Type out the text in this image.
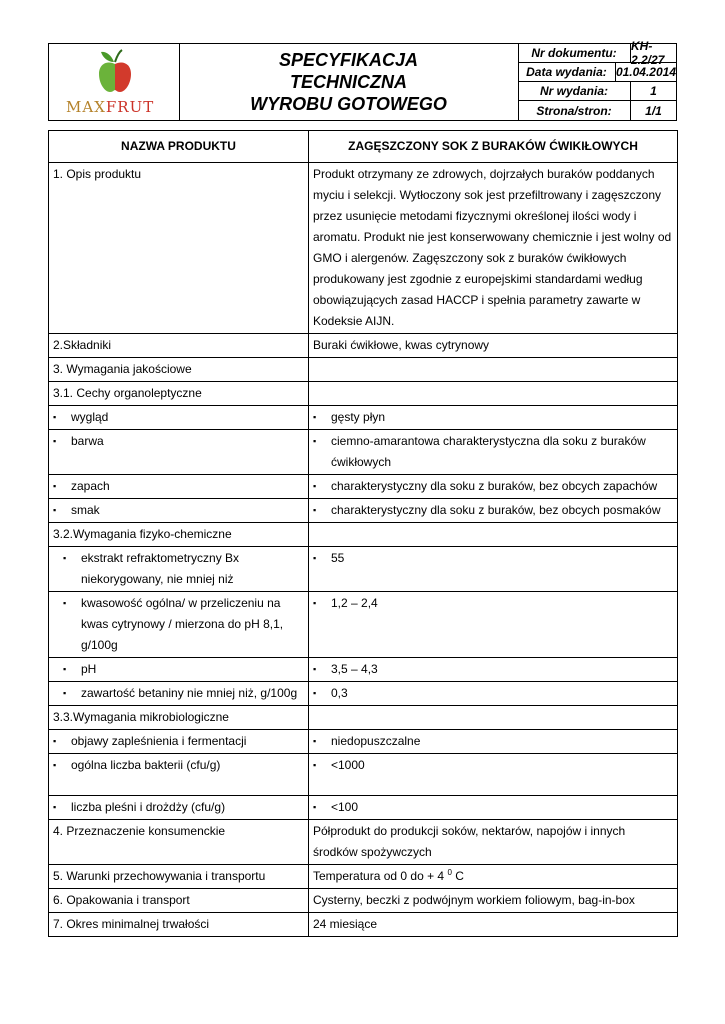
MAXFRUT
SPECYFIKACJA
TECHNICZNA
WYROBU GOTOWEGO
Nr dokumentu:	KH-2.2/27
Data wydania: 01.04.2014
Nr wydania:	1
Strona/stron:	1/1
NAZWA PRODUKTU	ZAGĘSZCZONY SOK Z BURAKÓW ĆWIKIŁOWYCH
1. Opis produktu	Produkt otrzymany ze zdrowych, dojrzałych buraków poddanych myciu i selekcji. Wytłoczony sok jest przefiltrowany i zagęszczony przez usunięcie metodami fizycznymi określonej ilości wody i aromatu. Produkt nie jest konserwowany chemicznie i jest wolny od GMO i alergenów. Zagęszczony sok z buraków ćwikłowych produkowany jest zgodnie z europejskimi standardami według obowiązujących zasad HACCP i spełnia parametry zawarte w Kodeksie AIJN.
2.Składniki	Buraki ćwikłowe, kwas cytrynowy
3. Wymagania jakościowe	
3.1. Cechy organoleptyczne	

▪ wygląd	▪ gęsty płyn

▪ barwa	▪ ciemno-amarantowa charakterystyczna dla soku z buraków ćwikłowych

▪ zapach	▪ charakterystyczny dla soku z buraków, bez obcych zapachów

▪ smak	▪ charakterystyczny dla soku z buraków, bez obcych posmaków

3.2.Wymagania fizyko-chemiczne	

▪ ekstrakt refraktometryczny Bx niekorygowany, nie mniej niż	▪ 55

▪ kwasowość ogólna/ w przeliczeniu na kwas cytrynowy / mierzona do pH 8,1, g/100g	▪ 1,2 – 2,4

▪ pH	▪ 3,5 – 4,3

▪ zawartość betaniny nie mniej niż, g/100g	▪ 0,3

3.3.Wymagania mikrobiologiczne	

▪ objawy zapleśnienia i fermentacji	▪ niedopuszczalne

▪ ogólna liczba bakterii (cfu/g)	▪ <1000

▪ liczba pleśni i drożdży (cfu/g)	▪ <100

4. Przeznaczenie konsumenckie	Półprodukt do produkcji soków, nektarów, napojów i innych środków spożywczych
5. Warunki przechowywania i transportu	Temperatura od 0 do + 4 $^0$ C
6. Opakowania i transport	Cysterny, beczki z podwójnym workiem foliowym, bag-in-box
7. Okres minimalnej trwałości	24 miesiące
